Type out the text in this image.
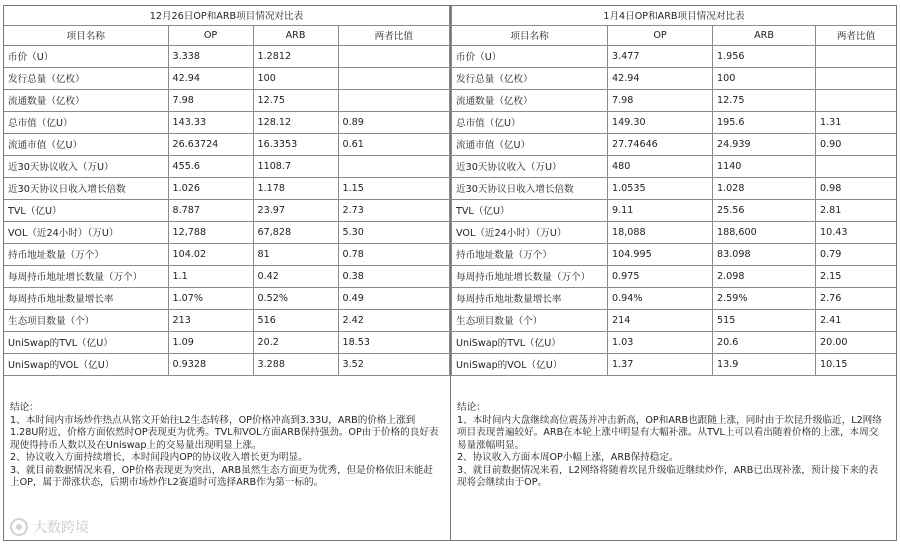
12月26日OP和ARB项目情况对比表			
项目名称	OP	ARB	两者比值
币价（U）	3.338	1.2812	
发行总量（亿枚）	42.94	100	
流通数量（亿枚）	7.98	12.75	
总市值（亿U）	143.33	128.12	0.89
流通市值（亿U）	26.63724	16.3353	0.61
近30天协议收入（万U）	455.6	1108.7	
近30天协议日收入增长倍数	1.026	1.178	1.15
TVL（亿U）	8.787	23.97	2.73
VOL（近24小时）（万U）	12,788	67,828	5.30
持币地址数量（万个）	104.02	81	0.78
每周持币地址增长数量（万个）	1.1	0.42	0.38
每周持币地址数量增长率	1.07%	0.52%	0.49
生态项目数量（个）	213	516	2.42
UniSwap的TVL（亿U）	1.09	20.2	18.53
UniSwap的VOL（亿U）	0.9328	3.288	3.52

结论：

1、本时间内市场炒作热点从铭文开始往L2生态转移，OP价格冲高到3.33U，ARB的价格上涨到1.28U附近，价格方面依然时OP表现更为优秀。TVL和VOL方面ARB保持强劲。OP由于价格的良好表现使得持币人数以及在Uniswap上的交易量出现明显上涨。

2、协议收入方面持续增长，本时间段内OP的协议收入增长更为明显。

3、就目前数据情况来看，OP价格表现更为突出，ARB虽然生态方面更为优秀，但是价格依旧未能赶上OP，属于滞涨状态，后期市场炒作L2赛道时可选择ARB作为第一标的。

1月4日OP和ARB项目情况对比表			
项目名称	OP	ARB	两者比值
币价（U）	3.477	1.956	
发行总量（亿枚）	42.94	100	
流通数量（亿枚）	7.98	12.75	
总市值（亿U）	149.30	195.6	1.31
流通市值（亿U）	27.74646	24.939	0.90
近30天协议收入（万U）	480	1140	
近30天协议日收入增长倍数	1.0535	1.028	0.98
TVL（亿U）	9.11	25.56	2.81
VOL（近24小时）（万U）	18,088	188,600	10.43
持币地址数量（万个）	104.995	83.098	0.79
每周持币地址增长数量（万个）	0.975	2.098	2.15
每周持币地址数量增长率	0.94%	2.59%	2.76
生态项目数量（个）	214	515	2.41
UniSwap的TVL（亿U）	1.03	20.6	20.00
UniSwap的VOL（亿U）	1.37	13.9	10.15

结论：

1、本时间内大盘继续高位震荡并冲击新高，OP和ARB也跟随上涨，同时由于坎昆升级临近，L2网络项目表现普遍较好。ARB在本轮上涨中明显有大幅补涨。从TVL上可以看出随着价格的上涨，本周交易量涨幅明显。

2、协议收入方面本周OP小幅上涨，ARB保持稳定。

3、就目前数据情况来看，L2网络将随着坎昆升级临近继续炒作，ARB已出现补涨，预计接下来的表现将会继续由于OP。

大数跨境
